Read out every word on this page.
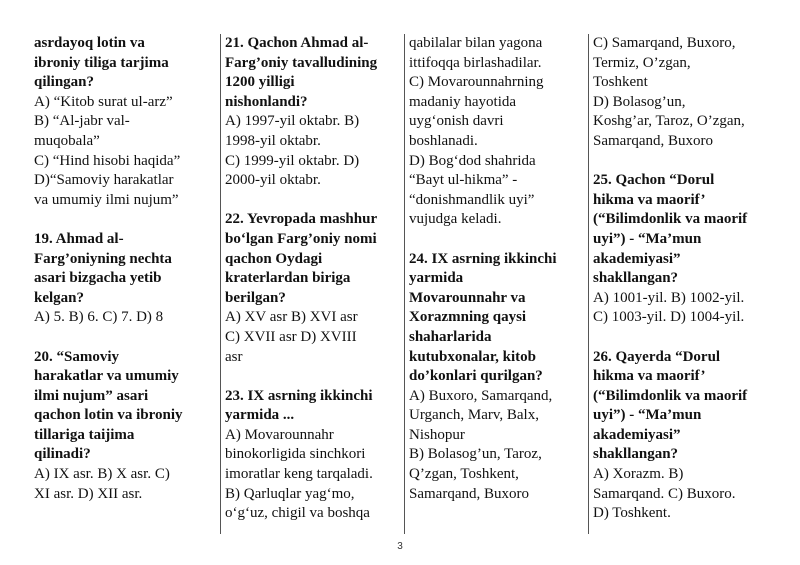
asrdayoq lotin va
ibroniy tiligа tarjima
qilingan?
A) “Kitob surat ul-arz”
B) “Al-jabr val-
muqobala”
C) “Hind hisobi haqida”
D)“Samoviy harakatlar
va umumiy ilmi nujum”
19. Ahmad al-
Farg’oniyning nechta
asari bizgacha yetib
kelgan?
A) 5. B) 6. C) 7. D) 8
20. “Samoviy
harakatlar va umumiy
ilmi nujum” asari
qachon lotin va ibroniy
tillariga taijima
qilinadi?
A) IX asr. B) X asr. C)
XI asr. D) XII asr.
21. Qachon Ahmad al-
Farg’oniy tavalludining
1200 yilligi
nishonlandi?
A) 1997-yil oktabr. B)
1998-yil oktabr.
C) 1999-yil oktabr. D)
2000-yil oktabr.
22. Yevropada mashhur
bo‘lgan Farg’oniy nomi
qachon Oydagi
kraterlardan biriga
berilgan?
A) XV asr B) XVI asr
C) XVII asr D) XVIII
asr
23. IX asrning ikkinchi
yarmida ...
A) Movarounnahr
binokorligida sinchkori
imoratlar keng tarqaladi.
B) Qarluqlar yag‘mo,
o‘g‘uz, chigil va boshqa
qabilalar bilan yagona
ittifoqqa birlashadilar.
C) Movarounnahrning
madaniy hayotida
uyg‘onish davri
boshlanadi.
D) Bog‘dod shahrida
“Bayt ul-hikma” -
“donishmandlik uyi”
vujudga keladi.
24. IX asrning ikkinchi
yarmida
Movarounnahr va
Xorazmning qaysi
shaharlarida
kutubxonalar, kitob
do’konlari qurilgan?
A) Buxoro, Samarqand,
Urganch, Marv, Balx,
Nishopur
B) Bolasog’un, Taroz,
Q’zgan, Toshkent,
Samarqand, Buxoro
C) Samarqand, Buxoro,
Termiz, O’zgan,
Toshkent
D) Bolasog’un,
Koshg’ar, Taroz, O’zgan,
Samarqand, Buxoro
25. Qachon “Dorul
hikma va maorif’
(“Bilimdonlik va maorif
uyi”) - “Ma’mun
akademiyasi”
shakllangan?
A) 1001-yil. B) 1002-yil.
C) 1003-yil. D) 1004-yil.
26. Qayerda “Dorul
hikma va maorif’
(“Bilimdonlik va maorif
uyi”) - “Ma’mun
akademiyasi”
shakllangan?
A) Xorazm. B)
Samarqand. C) Buxoro.
D) Toshkent.
3
